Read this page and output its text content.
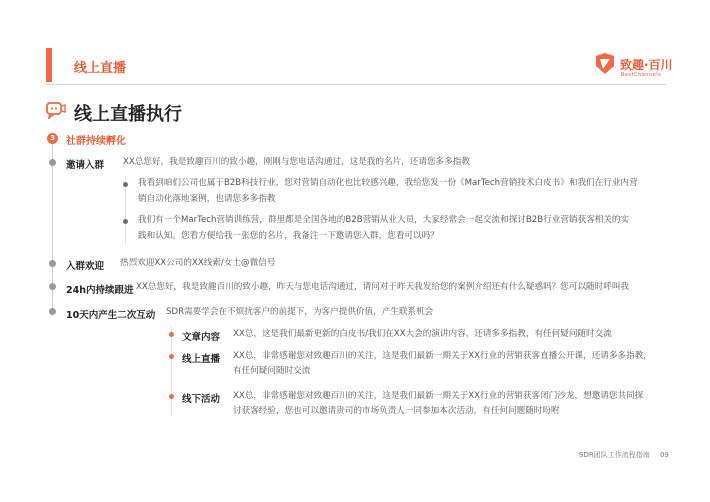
线上直播	致趣·百川
BestChannels
线上直播执行
3	社群持续孵化
邀请入群 XX总您好，我是致趣百川的致小趣，刚刚与您电话沟通过，这是我的名片，还请您多多指教
我看到咱们公司也属于B2B科技行业，您对营销自动化也比较感兴趣，我给您发一份《MarTech营销技术白皮书》和我们在行业内营
销自动化落地案例，也请您多多指教
我们有一个MarTech营销训练营，群里都是全国各地的B2B营销从业人员，大家经常会一起交流和探讨B2B行业营销获客相关的实
践和认知。您看方便给我一张您的名片，我备注一下邀请您入群，您看可以吗？
入群欢迎 热烈欢迎XX公司的XX线索/女士@微信号
24h内持续跟进 XX总您好，我是致趣百川的致小趣，昨天与您电话沟通过，请问对于昨天我发给您的案例介绍还有什么疑惑吗？您可以随时呼叫我
10天内产生二次互动 SDR需要学会在不烦扰客户的前提下，为客户提供价值，产生联系机会
文章内容 XX总，这是我们最新更新的白皮书/我们在XX大会的演讲内容，还请多多指教，有任何疑问随时交流
线上直播 XX总，非常感谢您对致趣百川的关注，这是我们最新一期关于XX行业的营销获客直播公开课，还请多多指教，
有任何疑问随时交流
线下活动 XX总，非常感谢您对致趣百川的关注，这是我们最新一期关于XX行业的营销获客闭门沙龙，想邀请您共同探
讨获客经验，您也可以邀请贵司的市场负责人一同参加本次活动，有任何问题随时吩咐
SDR团队工作流程指南 09
